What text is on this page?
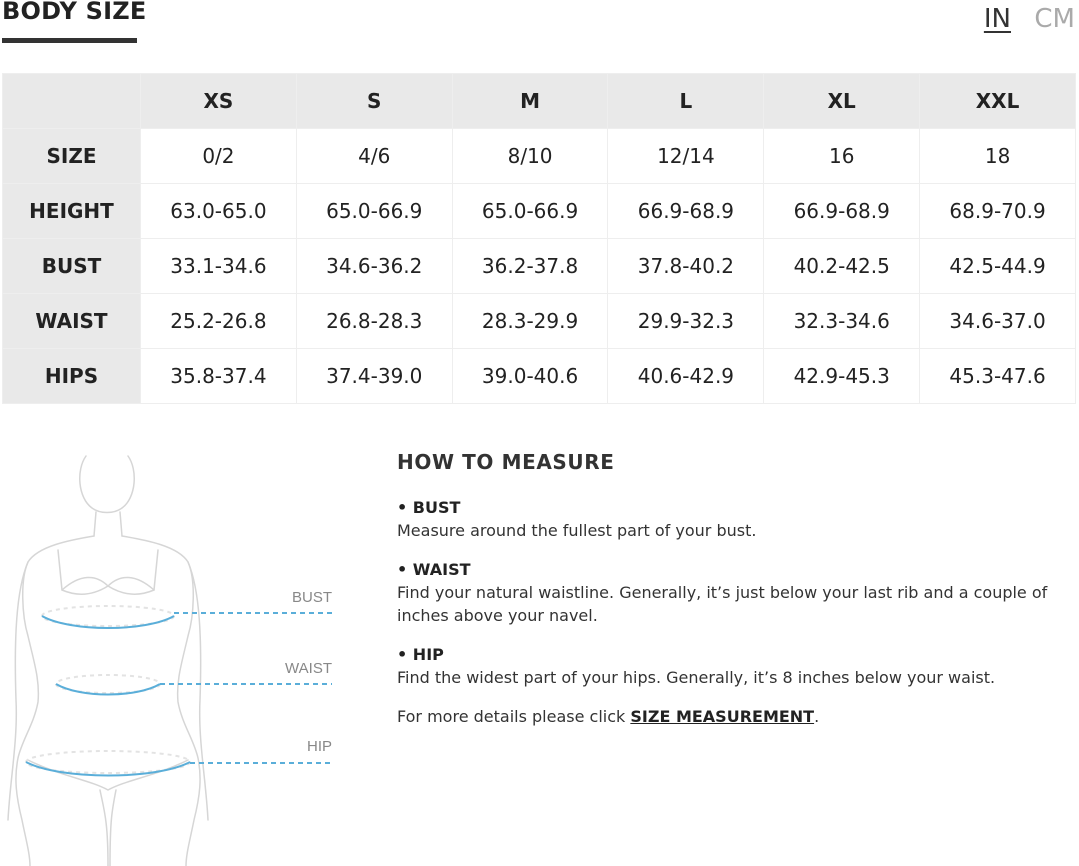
BODY SIZE	IN CM
	XS	S	M	L	XL	XXL
SIZE	0/2	4/6	8/10	12/14	16	18
HEIGHT	63.0-65.0	65.0-66.9	65.0-66.9	66.9-68.9	66.9-68.9	68.9-70.9
BUST	33.1-34.6	34.6-36.2	36.2-37.8	37.8-40.2	40.2-42.5	42.5-44.9
WAIST	25.2-26.8	26.8-28.3	28.3-29.9	29.9-32.3	32.3-34.6	34.6-37.0
HIPS	35.8-37.4	37.4-39.0	39.0-40.6	40.6-42.9	42.9-45.3	45.3-47.6
BUST
WAIST
HIP
HOW TO MEASURE
• BUST
Measure around the fullest part of your bust.
• WAIST
Find your natural waistline. Generally, it’s just below your last rib and a couple of inches above your navel.
• HIP
Find the widest part of your hips. Generally, it’s 8 inches below your waist.
For more details please click SIZE MEASUREMENT.
